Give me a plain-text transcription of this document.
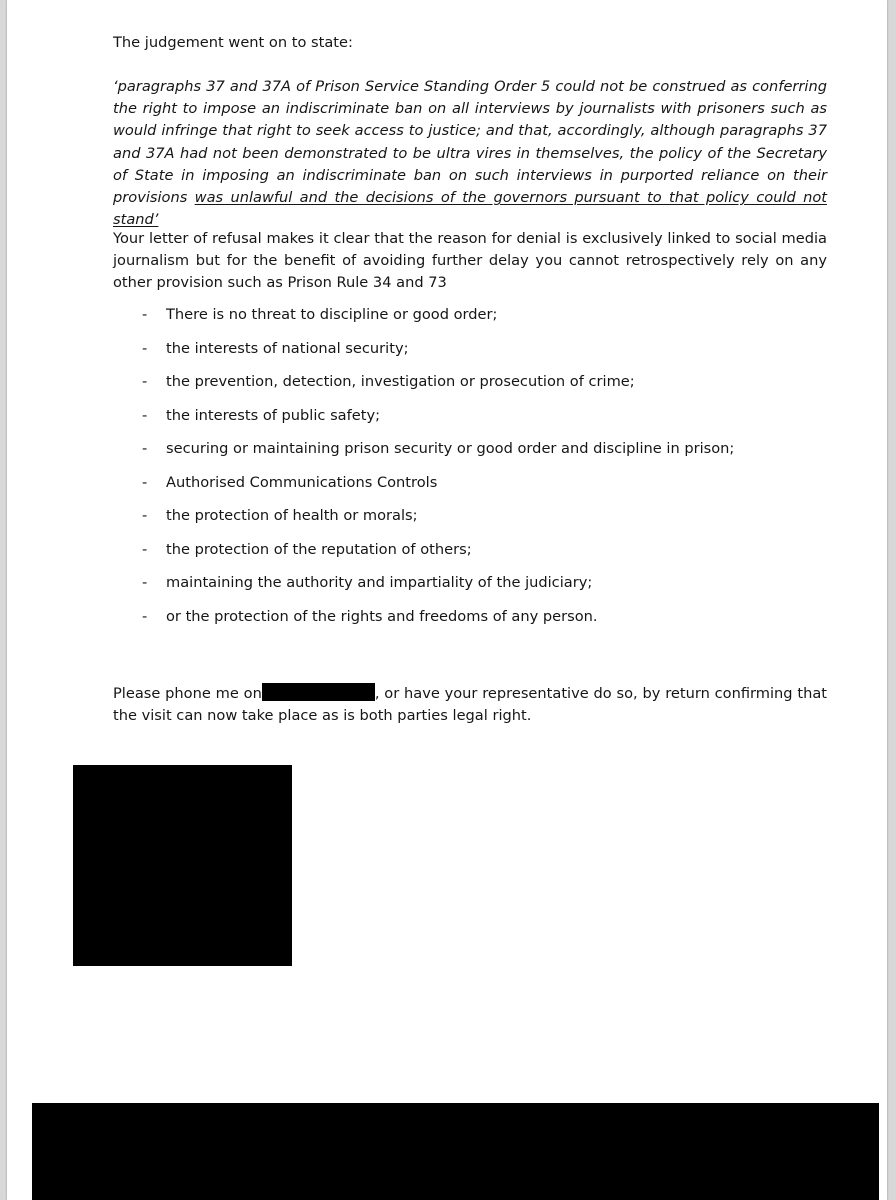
The judgement went on to state:

‘paragraphs 37 and 37A of Prison Service Standing Order 5 could not be construed as conferring the right to impose an indiscriminate ban on all interviews by journalists with prisoners such as would infringe that right to seek access to justice; and that, accordingly, although paragraphs 37 and 37A had not been demonstrated to be ultra vires in themselves, the policy of the Secretary of State in imposing an indiscriminate ban on such interviews in purported reliance on their provisions was unlawful and the decisions of the governors pursuant to that policy could not stand’

Your letter of refusal makes it clear that the reason for denial is exclusively linked to social media journalism but for the benefit of avoiding further delay you cannot retrospectively rely on any other provision such as Prison Rule 34 and 73

- There is no threat to discipline or good order;
- the interests of national security;
- the prevention, detection, investigation or prosecution of crime;
- the interests of public safety;
- securing or maintaining prison security or good order and discipline in prison;
- Authorised Communications Controls
- the protection of health or morals;
- the protection of the reputation of others;
- maintaining the authority and impartiality of the judiciary;
- or the protection of the rights and freedoms of any person.

Please phone me on	, or have your representative do so, by return confirming that the visit can now take place as is both parties legal right.
